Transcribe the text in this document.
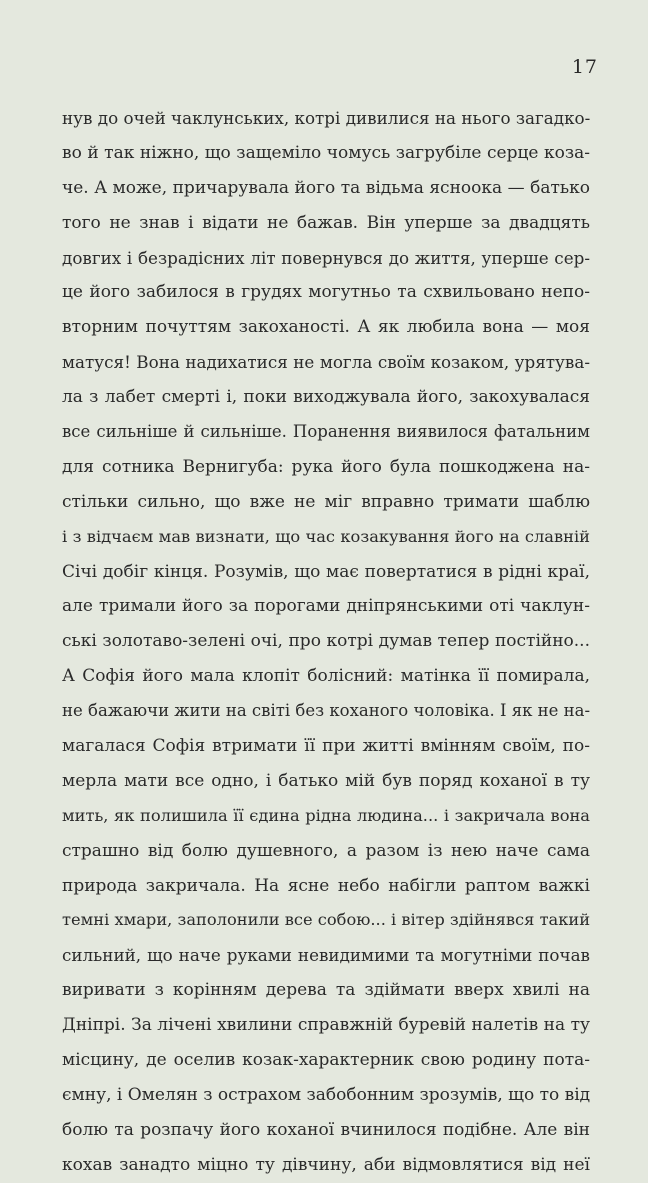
17
нув до очей чаклунських, котрі дивилися на нього загадко-
во й так ніжно, що защеміло чомусь загрубіле серце коза-
че. А може, причарувала його та відьма ясноока — батько
того не знав і відати не бажав. Він уперше за двадцять
довгих і безрадісних літ повернувся до життя, уперше сер-
це його забилося в грудях могутньо та схвильовано непо-
вторним почуттям закоханості. А як любила вона — моя
матуся! Вона надихатися не могла своїм козаком, урятува-
ла з лабет смерті і, поки виходжувала його, закохувалася
все сильніше й сильніше. Поранення виявилося фатальним
для сотника Вернигуба: рука його була пошкоджена на-
стільки сильно, що вже не міг вправно тримати шаблю
і з відчаєм мав визнати, що час козакування його на славній
Січі добіг кінця. Розумів, що має повертатися в рідні краї,
але тримали його за порогами дніпрянськими оті чаклун-
ські золотаво-зелені очі, про котрі думав тепер постійно...
А Софія його мала клопіт болісний: матінка її помирала,
не бажаючи жити на світі без коханого чоловіка. І як не на-
магалася Софія втримати її при житті вмінням своїм, по-
мерла мати все одно, і батько мій був поряд коханої в ту
мить, як полишила її єдина рідна людина... і закричала вона
страшно від болю душевного, а разом із нею наче сама
природа закричала. На ясне небо набігли раптом важкі
темні хмари, заполонили все собою... і вітер здійнявся такий
сильний, що наче руками невидимими та могутніми почав
виривати з корінням дерева та здіймати вверх хвилі на
Дніпрі. За лічені хвилини справжній буревій налетів на ту
місцину, де оселив козак-характерник свою родину пота-
ємну, і Омелян з острахом забобонним зрозумів, що то від
болю та розпачу його коханої вчинилося подібне. Але він
кохав занадто міцно ту дівчину, аби відмовлятися від неї
